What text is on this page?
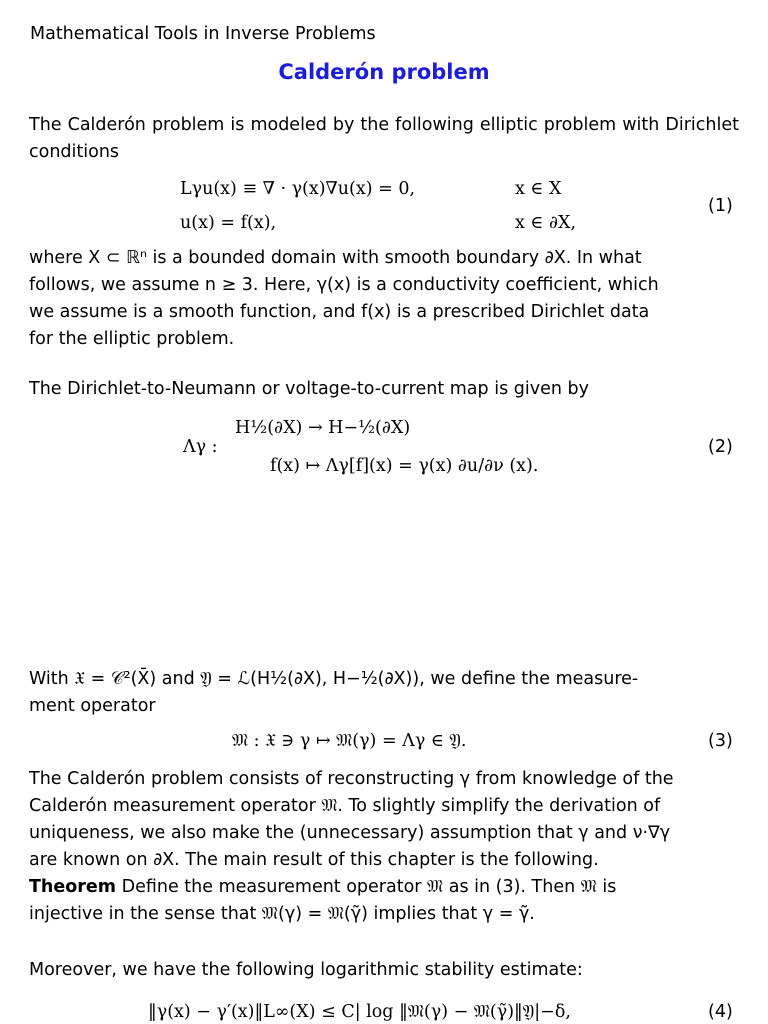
Mathematical Tools in Inverse Problems
Calderón problem
The Calderón problem is modeled by the following elliptic problem with Dirichlet conditions
Lγu(x) ≡ ∇ · γ(x)∇u(x) = 0,	x ∈ X
u(x) = f(x),	x ∈ ∂X,
(1)
where X ⊂ ℝⁿ is a bounded domain with smooth boundary ∂X. In what
follows, we assume n ≥ 3. Here, γ(x) is a conductivity coefficient, which
we assume is a smooth function, and f(x) is a prescribed Dirichlet data
for the elliptic problem.
The Dirichlet-to-Neumann or voltage-to-current map is given by
Λγ :
H½(∂X) → H−½(∂X)
f(x) ↦ Λγ[f](x) = γ(x) ∂u/∂ν (x).
(2)
With 𝔛 = 𝒞²(X̄) and 𝔜 = ℒ(H½(∂X), H−½(∂X)), we define the measure-
ment operator
𝔐 : 𝔛 ∋ γ ↦ 𝔐(γ) = Λγ ∈ 𝔜.	(3)
The Calderón problem consists of reconstructing γ from knowledge of the
Calderón measurement operator 𝔐. To slightly simplify the derivation of
uniqueness, we also make the (unnecessary) assumption that γ and ν·∇γ
are known on ∂X. The main result of this chapter is the following.
Theorem Define the measurement operator 𝔐 as in (3). Then 𝔐 is
injective in the sense that 𝔐(γ) = 𝔐(γ̃) implies that γ = γ̃.
Moreover, we have the following logarithmic stability estimate:
‖γ(x) − γ′(x)‖L∞(X) ≤ C| log ‖𝔐(γ) − 𝔐(γ̃)‖𝔜|−δ,	(4)
